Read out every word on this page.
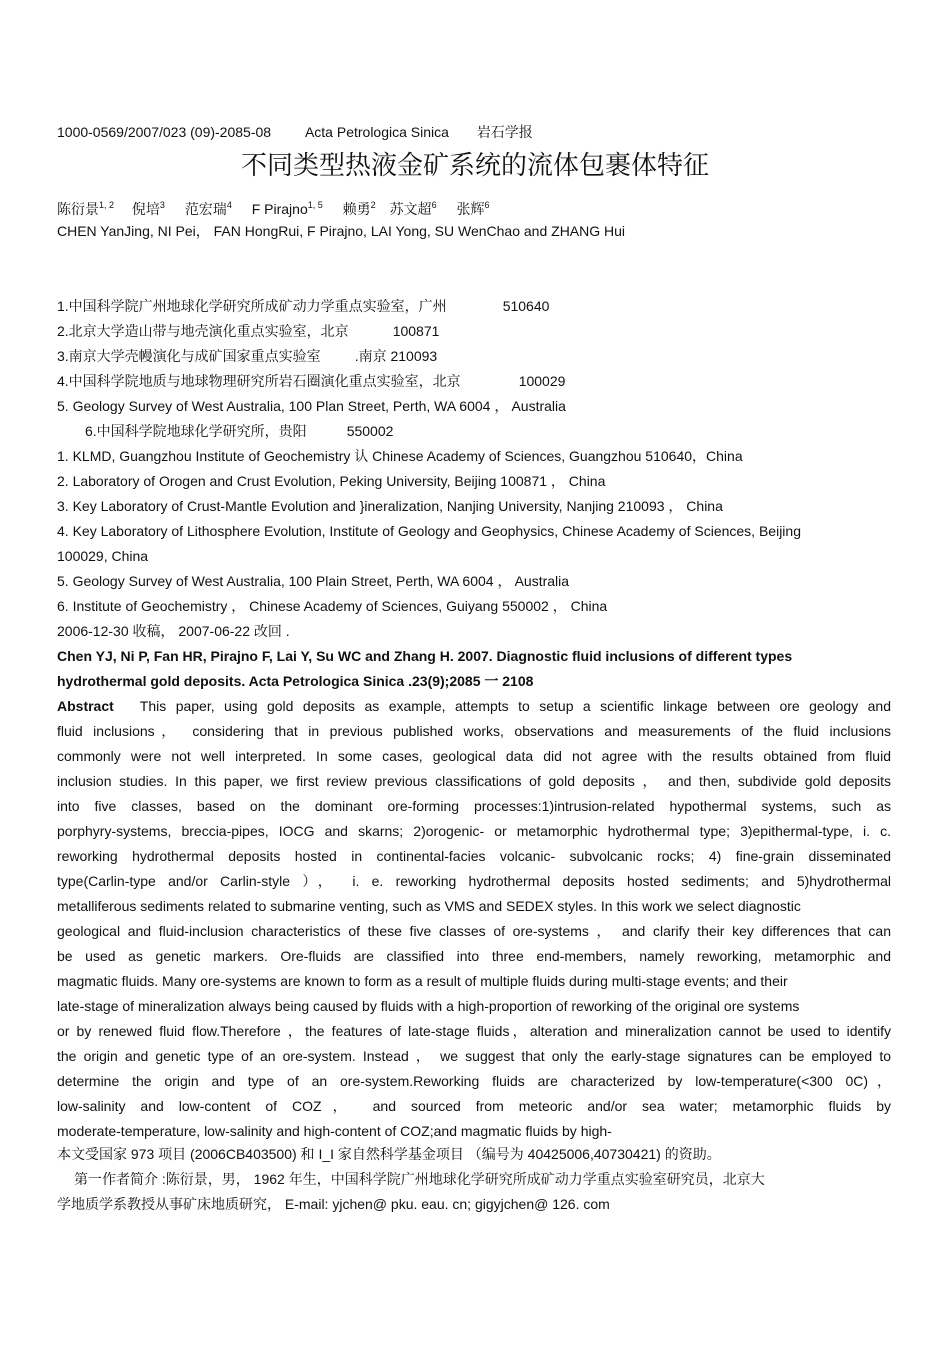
1000-0569/2007/023 (09)-2085-08 Acta Petrologica Sinica 岩石学报
不同类型热液金矿系统的流体包裹体特征
陈衍景$^{1, 2}$ 倪培$^3$ 范宏瑞$^4$ F Pirajno$^{1, 5}$ 赖勇$^2$ 苏文超$^6$ 张辉$^6$
CHEN YanJing, NI Pei， FAN HongRui, F Pirajno, LAI Yong, SU WenChao and ZHANG Hui
1.中国科学院广州地球化学研究所成矿动力学重点实验室，广州	510640
2.北京大学造山带与地壳演化重点实验室，北京	100871
3.南京大学壳幔演化与成矿国家重点实验室 .南京 210093
4.中国科学院地质与地球物理研究所岩石圈演化重点实验室，北京	100029
5. Geology Survey of West Australia, 100 Plan Street, Perth, WA 6004 ， Australia
6.中国科学院地球化学研究所，贵阳	550002
1. KLMD, Guangzhou Institute of Geochemistry 认 Chinese Academy of Sciences, Guangzhou 510640，China
2. Laboratory of Orogen and Crust Evolution, Peking University, Beijing 100871 ， China
3. Key Laboratory of Crust-Mantle Evolution and }ineralization, Nanjing University, Nanjing 210093 ， China
4. Key Laboratory of Lithosphere Evolution, Institute of Geology and Geophysics, Chinese Academy of Sciences, Beijing
100029, China
5. Geology Survey of West Australia, 100 Plain Street, Perth, WA 6004 ， Australia
6. Institute of Geochemistry ， Chinese Academy of Sciences, Guiyang 550002 ， China
2006-12-30 收稿， 2007-06-22 改回 .
Chen YJ, Ni P, Fan HR, Pirajno F, Lai Y, Su WC and Zhang H. 2007. Diagnostic fluid inclusions of different types
hydrothermal gold deposits. Acta Petrologica Sinica .23(9);2085 一 2108
Abstract This paper, using gold deposits as example, attempts to setup a scientific linkage between ore geology and
fluid inclusions， considering that in previous published works, observations and measurements of the fluid inclusions
commonly were not well interpreted. In some cases, geological data did not agree with the results obtained from fluid
inclusion studies. In this paper, we first review previous classifications of gold deposits ， and then, subdivide gold deposits
into five classes, based on the dominant ore-forming processes:1)intrusion-related hypothermal systems, such as
porphyry-systems, breccia-pipes, IOCG and skarns; 2)orogenic- or metamorphic hydrothermal type; 3)epithermal-type, i. c.
reworking hydrothermal deposits hosted in continental-facies volcanic- subvolcanic rocks; 4) fine-grain disseminated
type(Carlin-type and/or Carlin-style ）， i. e. reworking hydrothermal deposits hosted sediments; and 5)hydrothermal
metalliferous sediments related to submarine venting, such as VMS and SEDEX styles. In this work we select diagnostic
geological and fluid-inclusion characteristics of these five classes of ore-systems ， and clarify their key differences that can
be used as genetic markers. Ore-fluids are classified into three end-members, namely reworking, metamorphic and
magmatic fluids. Many ore-systems are known to form as a result of multiple fluids during multi-stage events; and their
late-stage of mineralization always being caused by fluids with a high-proportion of reworking of the original ore systems
or by renewed fluid flow.Therefore ，the features of late-stage fluids，alteration and mineralization cannot be used to identify
the origin and genetic type of an ore-system. Instead ， we suggest that only the early-stage signatures can be employed to
determine the origin and type of an ore-system.Reworking fluids are characterized by low-temperature(<300 0C)，
low-salinity and low-content of COZ， and sourced from meteoric and/or sea water; metamorphic fluids by
moderate-temperature, low-salinity and high-content of COZ;and magmatic fluids by high-
本文受国家 973 项目 (2006CB403500) 和 I_I 家自然科学基金项目 （编号为 40425006,40730421) 的资助。
第一作者简介 :陈衍景，男， 1962 年生，中国科学院广州地球化学研究所成矿动力学重点实验室研究员，北京大
学地质学系教授从事矿床地质研究， E-mail: yjchen@ pku. eau. cn; gigyjchen@ 126. com
